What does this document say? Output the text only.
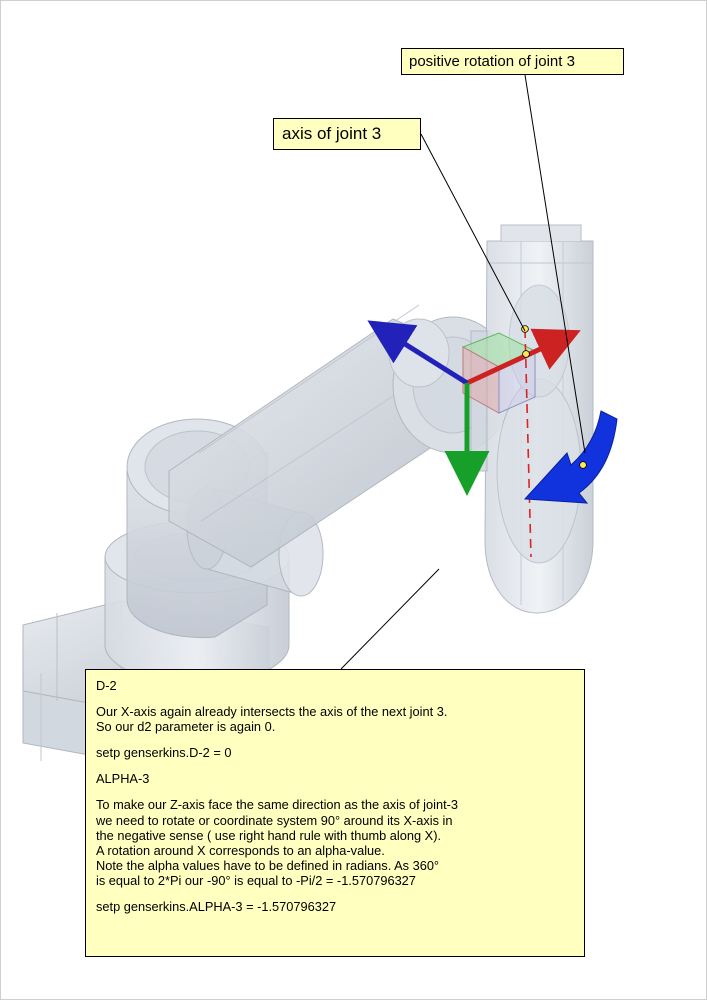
axis of joint 3
positive rotation of joint 3
D-2
Our X-axis again already intersects the axis of the next joint 3.
So our d2 parameter is again 0.
setp genserkins.D-2 = 0
ALPHA-3
To make our Z-axis face the same direction as the axis of joint-3
we need to rotate or coordinate system 90° around its X-axis in
the negative sense ( use right hand rule with thumb along X).
A rotation around X corresponds to an alpha-value.
Note the alpha values have to be defined in radians. As 360°
is equal to 2*Pi our -90° is equal to -Pi/2 = -1.570796327
setp genserkins.ALPHA-3 = -1.570796327
